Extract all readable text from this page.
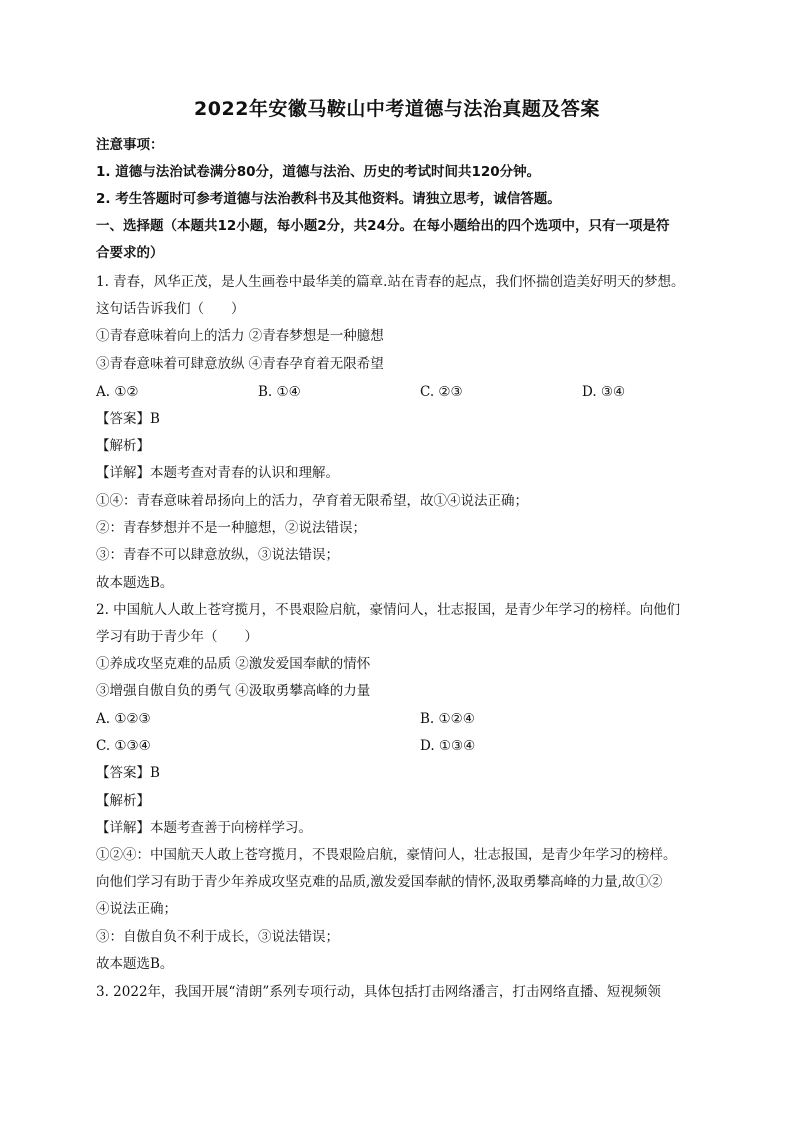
2022年安徽马鞍山中考道德与法治真题及答案
注意事项：
1. 道德与法治试卷满分80分，道德与法治、历史的考试时间共120分钟。
2. 考生答题时可参考道德与法治教科书及其他资料。请独立思考，诚信答题。
一、选择题（本题共12小题，每小题2分，共24分。在每小题给出的四个选项中，只有一项是符
合要求的）
1. 青春，风华正茂，是人生画卷中最华美的篇章.站在青春的起点，我们怀揣创造美好明天的梦想。
这句话告诉我们（　　）
①青春意味着向上的活力 ②青春梦想是一种臆想
③青春意味着可肆意放纵 ④青春孕育着无限希望
A. ①②	B. ①④	C. ②③	D. ③④
【答案】B
【解析】
【详解】本题考查对青春的认识和理解。
①④：青春意味着昂扬向上的活力，孕育着无限希望，故①④说法正确；
②：青春梦想并不是一种臆想，②说法错误；
③：青春不可以肆意放纵，③说法错误；
故本题选B。
2. 中国航人人敢上苍穹揽月，不畏艰险启航，豪情问人，壮志报国，是青少年学习的榜样。向他们
学习有助于青少年（　　）
①养成攻坚克难的品质 ②激发爱国奉献的情怀
③增强自傲自负的勇气 ④汲取勇攀高峰的力量
A. ①②③	B. ①②④
C. ①③④	D. ①③④
【答案】B
【解析】
【详解】本题考查善于向榜样学习。
①②④：中国航天人敢上苍穹揽月，不畏艰险启航，豪情问人，壮志报国，是青少年学习的榜样。
向他们学习有助于青少年养成攻坚克难的品质,激发爱国奉献的情怀,汲取勇攀高峰的力量,故①②
④说法正确；
③：自傲自负不利于成长，③说法错误；
故本题选B。
3. 2022年，我国开展“清朗”系列专项行动，具体包括打击网络潘言，打击网络直播、短视频领
